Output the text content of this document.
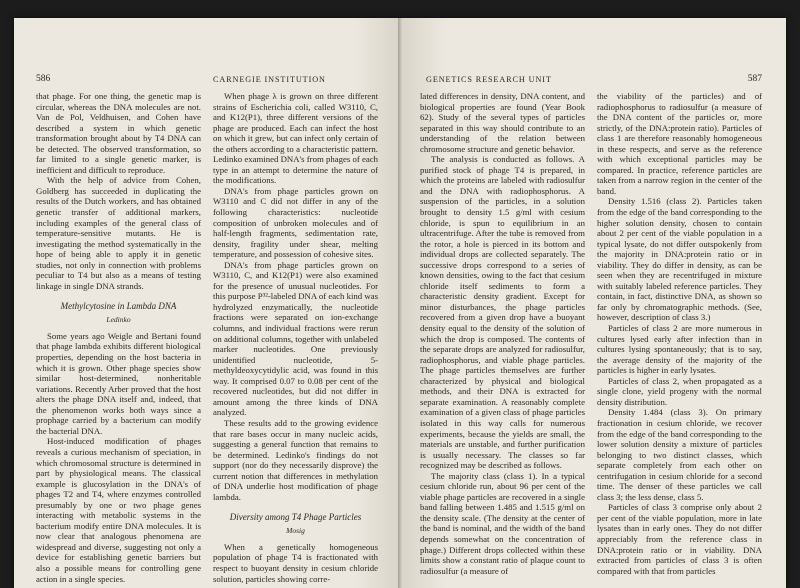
586	CARNEGIE INSTITUTION

that phage. For one thing, the genetic map is circular, whereas the DNA molecules are not. Van de Pol, Veldhuisen, and Cohen have described a system in which genetic transformation brought about by T4 DNA can be detected. The observed transformation, so far limited to a single genetic marker, is inefficient and difficult to reproduce.

With the help of advice from Cohen, Goldberg has succeeded in duplicating the results of the Dutch workers, and has obtained genetic transfer of additional markers, including examples of the general class of temperature-sensitive mutants. He is investigating the method systematically in the hope of being able to apply it in genetic studies, not only in connection with problems peculiar to T4 but also as a means of testing linkage in single DNA strands.

Methylcytosine in Lambda DNA

Ledinko

Some years ago Weigle and Bertani found that phage lambda exhibits different biological properties, depending on the host bacteria in which it is grown. Other phage species show similar host-determined, nonheritable variations. Recently Arber proved that the host alters the phage DNA itself and, indeed, that the phenomenon works both ways since a prophage carried by a bacterium can modify the bacterial DNA.

Host-induced modification of phages reveals a curious mechanism of speciation, in which chromosomal structure is determined in part by physiological means. The classical example is glucosylation in the DNA's of phages T2 and T4, where enzymes controlled presumably by one or two phage genes interacting with metabolic systems in the bacterium modify entire DNA molecules. It is now clear that analogous phenomena are widespread and diverse, suggesting not only a device for establishing genetic barriers but also a possible means for controlling gene action in a single species.

When phage λ is grown on three different strains of Escherichia coli, called W3110, C, and K12(P1), three different versions of the phage are produced. Each can infect the host on which it grew, but can infect only certain of the others according to a characteristic pattern. Ledinko examined DNA's from phages of each type in an attempt to determine the nature of the modifications.

DNA's from phage particles grown on W3110 and C did not differ in any of the following characteristics: nucleotide composition of unbroken molecules and of half-length fragments, sedimentation rate, density, fragility under shear, melting temperature, and possession of cohesive sites.

DNA's from phage particles grown on W3110, C, and K12(P1) were also examined for the presence of unusual nucleotides. For this purpose P³²-labeled DNA of each kind was hydrolyzed enzymatically, the nucleotide fractions were separated on ion-exchange columns, and individual fractions were rerun on additional columns, together with unlabeled marker nucleotides. One previously unidentified nucleotide, 5-methyldeoxycytidylic acid, was found in this way. It comprised 0.07 to 0.08 per cent of the recovered nucleotides, but did not differ in amount among the three kinds of DNA analyzed.

These results add to the growing evidence that rare bases occur in many nucleic acids, suggesting a general function that remains to be determined. Ledinko's findings do not support (nor do they necessarily disprove) the current notion that differences in methylation of DNA underlie host modification of phage lambda.

Diversity among T4 Phage Particles

Mosig

When a genetically homogeneous population of phage T4 is fractionated with respect to buoyant density in cesium chloride solution, particles showing corre-

GENETICS RESEARCH UNIT	587

lated differences in density, DNA content, and biological properties are found (Year Book 62). Study of the several types of particles separated in this way should contribute to an understanding of the relation between chromosome structure and genetic behavior.

The analysis is conducted as follows. A purified stock of phage T4 is prepared, in which the proteins are labeled with radiosulfur and the DNA with radiophosphorus. A suspension of the particles, in a solution brought to density 1.5 g/ml with cesium chloride, is spun to equilibrium in an ultracentrifuge. After the tube is removed from the rotor, a hole is pierced in its bottom and individual drops are collected separately. The successive drops correspond to a series of known densities, owing to the fact that cesium chloride itself sediments to form a characteristic density gradient. Except for minor disturbances, the phage particles recovered from a given drop have a buoyant density equal to the density of the solution of which the drop is composed. The contents of the separate drops are analyzed for radiosulfur, radiophosphorus, and viable phage particles. The phage particles themselves are further characterized by physical and biological methods, and their DNA is extracted for separate examination. A reasonably complete examination of a given class of phage particles isolated in this way calls for numerous experiments, because the yields are small, the materials are unstable, and further purification is usually necessary. The classes so far recognized may be described as follows.

The majority class (class 1). In a typical cesium chloride run, about 96 per cent of the viable phage particles are recovered in a single band falling between 1.485 and 1.515 g/ml on the density scale. (The density at the center of the band is nominal, and the width of the band depends somewhat on the concentration of phage.) Different drops collected within these limits show a constant ratio of plaque count to radiosulfur (a measure of

the viability of the particles) and of radiophosphorus to radiosulfur (a measure of the DNA content of the particles or, more strictly, of the DNA:protein ratio). Particles of class 1 are therefore reasonably homogeneous in these respects, and serve as the reference with which exceptional particles may be compared. In practice, reference particles are taken from a narrow region in the center of the band.

Density 1.516 (class 2). Particles taken from the edge of the band corresponding to the higher solution density, chosen to contain about 2 per cent of the viable population in a typical lysate, do not differ outspokenly from the majority in DNA:protein ratio or in viability. They do differ in density, as can be seen when they are recentrifuged in mixture with suitably labeled reference particles. They contain, in fact, distinctive DNA, as shown so far only by chromatographic methods. (See, however, description of class 3.)

Particles of class 2 are more numerous in cultures lysed early after infection than in cultures lysing spontaneously; that is to say, the average density of the majority of the particles is higher in early lysates.

Particles of class 2, when propagated as a single clone, yield progeny with the normal density distribution.

Density 1.484 (class 3). On primary fractionation in cesium chloride, we recover from the edge of the band corresponding to the lower solution density a mixture of particles belonging to two distinct classes, which separate completely from each other on centrifugation in cesium chloride for a second time. The denser of these particles we call class 3; the less dense, class 5.

Particles of class 3 comprise only about 2 per cent of the viable population, more in late lysates than in early ones. They do not differ appreciably from the reference class in DNA:protein ratio or in viability. DNA extracted from particles of class 3 is often compared with that from particles
